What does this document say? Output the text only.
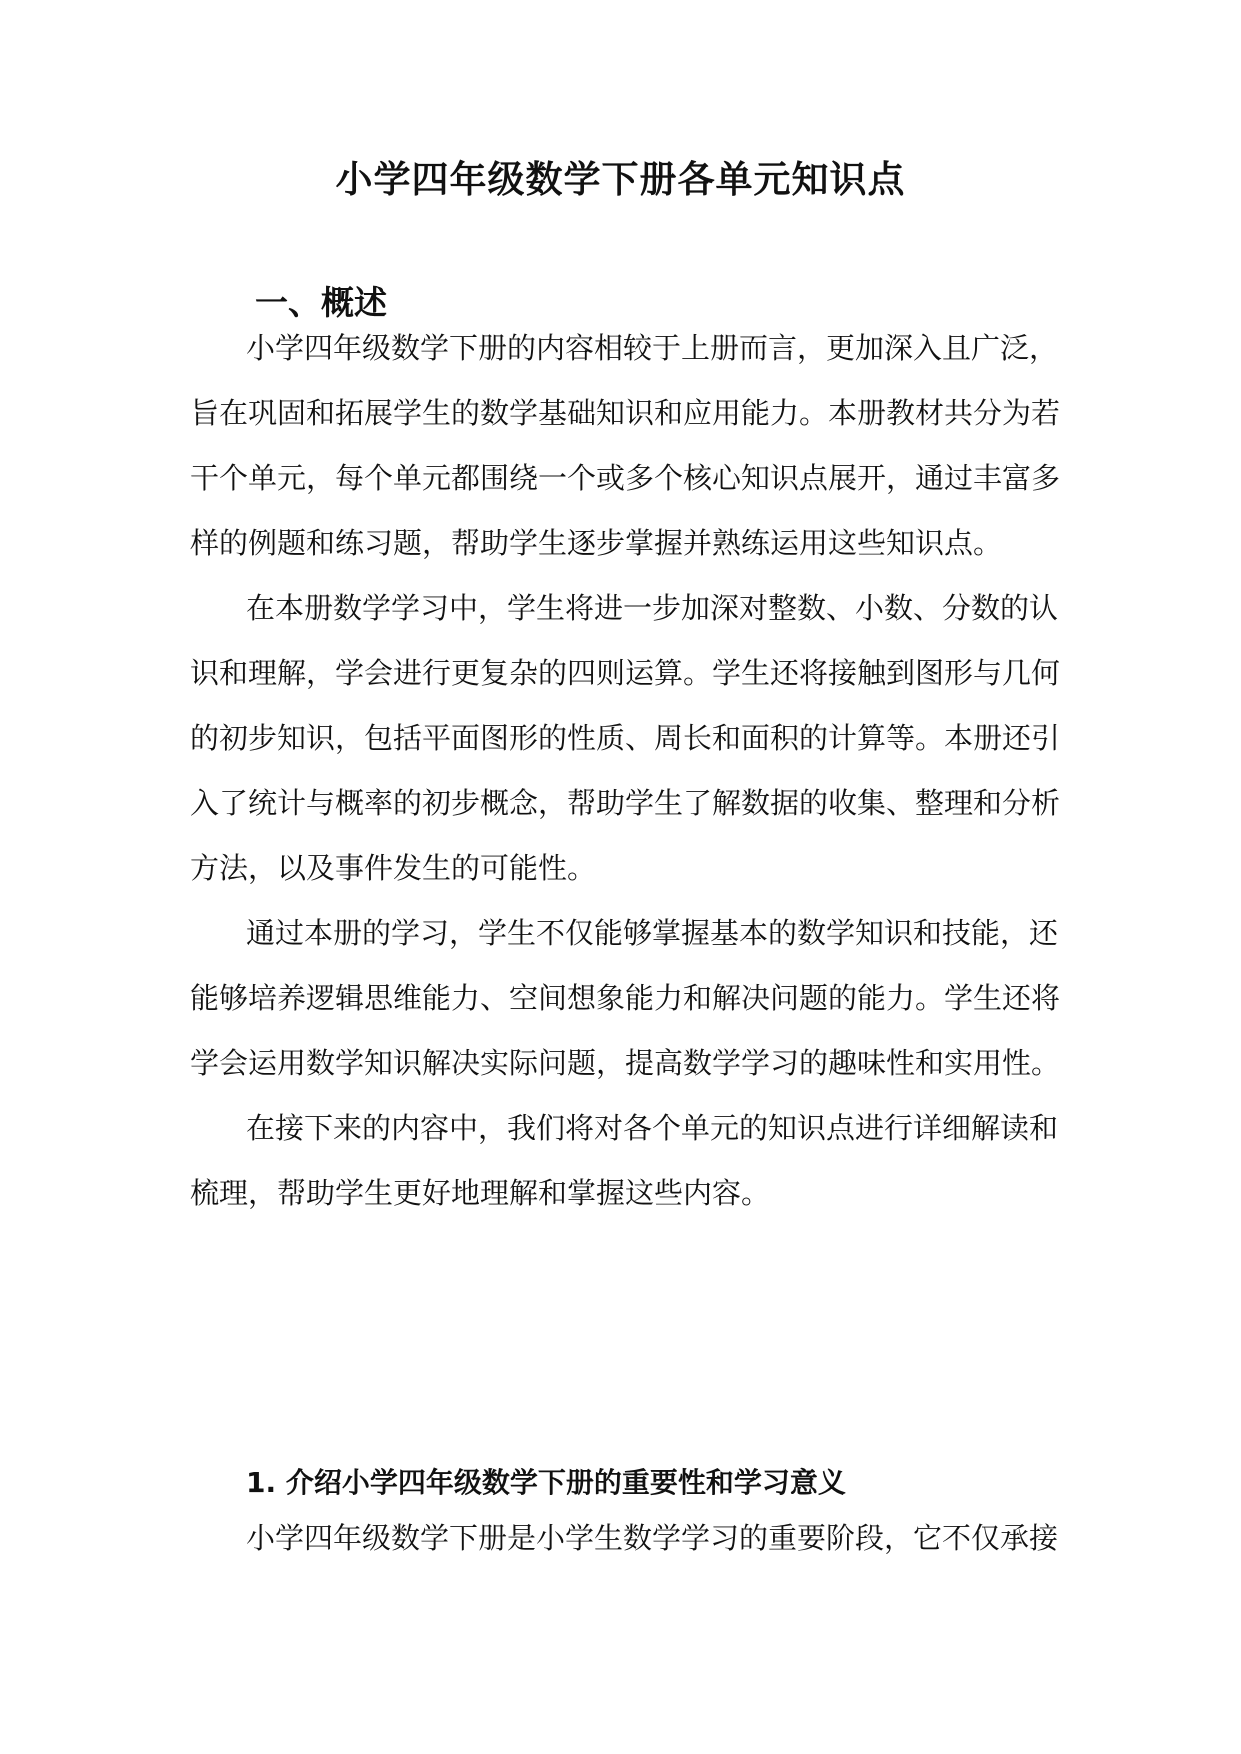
小学四年级数学下册各单元知识点
一、概述

小学四年级数学下册的内容相较于上册而言，更加深入且广泛，

旨在巩固和拓展学生的数学基础知识和应用能力。本册教材共分为若

干个单元，每个单元都围绕一个或多个核心知识点展开，通过丰富多

样的例题和练习题，帮助学生逐步掌握并熟练运用这些知识点。

在本册数学学习中，学生将进一步加深对整数、小数、分数的认

识和理解，学会进行更复杂的四则运算。学生还将接触到图形与几何

的初步知识，包括平面图形的性质、周长和面积的计算等。本册还引

入了统计与概率的初步概念，帮助学生了解数据的收集、整理和分析

方法，以及事件发生的可能性。

通过本册的学习，学生不仅能够掌握基本的数学知识和技能，还

能够培养逻辑思维能力、空间想象能力和解决问题的能力。学生还将

学会运用数学知识解决实际问题，提高数学学习的趣味性和实用性。

在接下来的内容中，我们将对各个单元的知识点进行详细解读和

梳理，帮助学生更好地理解和掌握这些内容。

1. 介绍小学四年级数学下册的重要性和学习意义

小学四年级数学下册是小学生数学学习的重要阶段，它不仅承接
